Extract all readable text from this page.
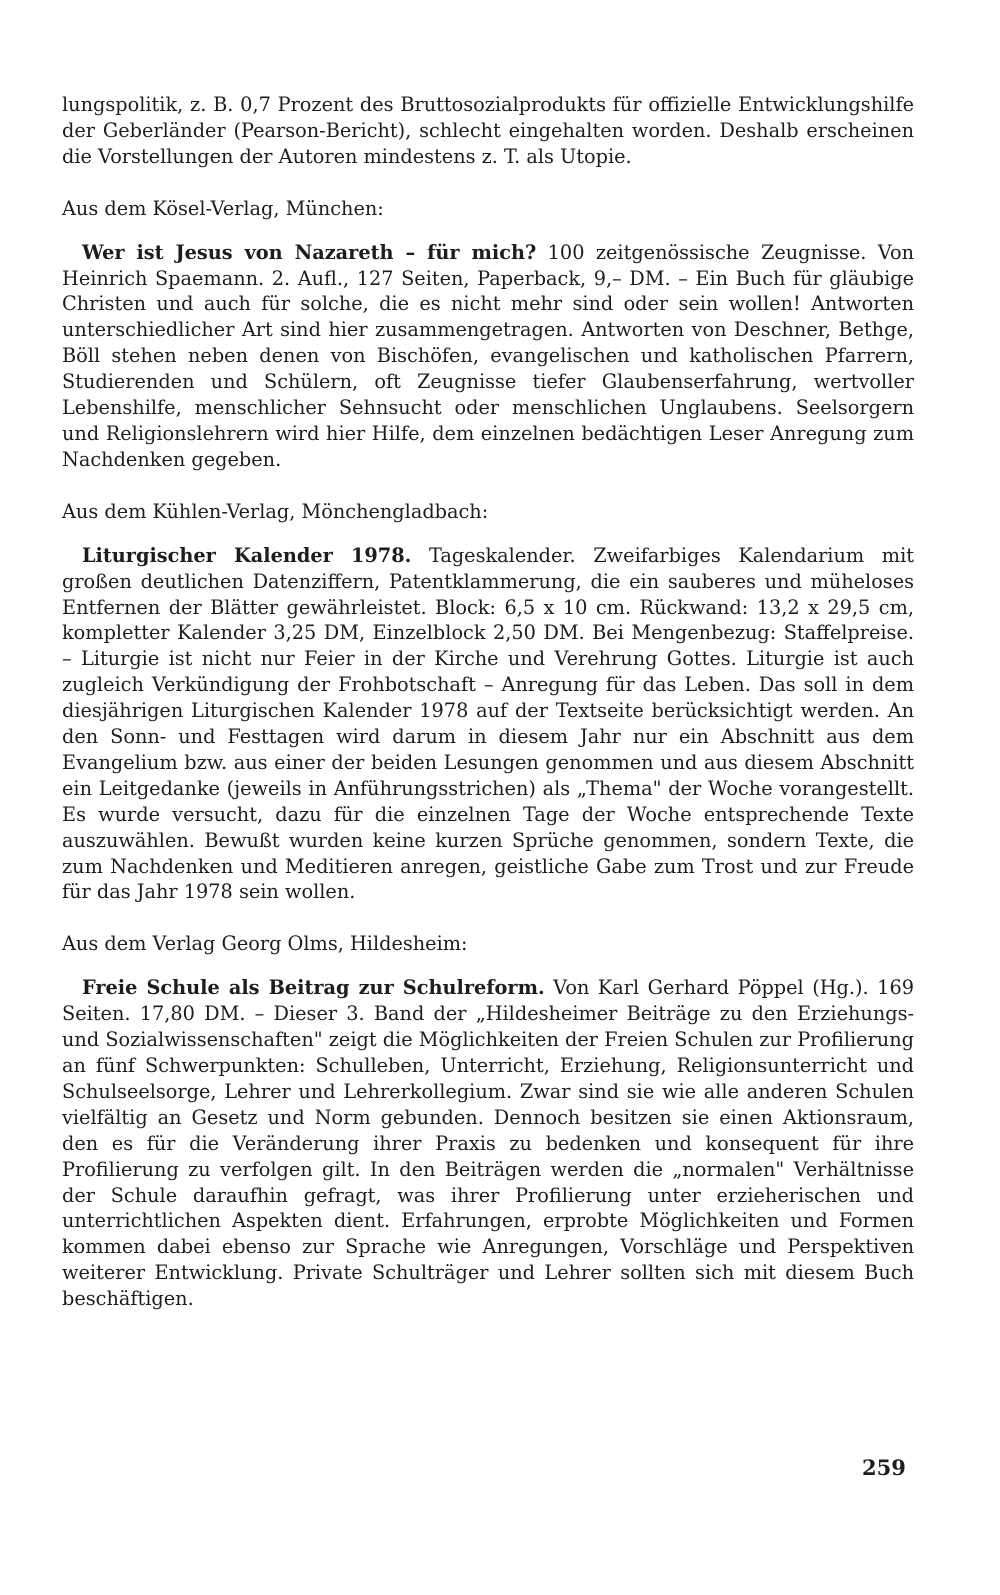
lungspolitik, z. B. 0,7 Prozent des Bruttosozialprodukts für offizielle Entwicklungshilfe der Geberländer (Pearson-Bericht), schlecht eingehalten worden. Deshalb erscheinen die Vorstellungen der Autoren mindestens z. T. als Utopie.

Aus dem Kösel-Verlag, München:

Wer ist Jesus von Nazareth – für mich? 100 zeitgenössische Zeugnisse. Von Heinrich Spaemann. 2. Aufl., 127 Seiten, Paperback, 9,– DM. – Ein Buch für gläubige Christen und auch für solche, die es nicht mehr sind oder sein wollen! Antworten unterschiedlicher Art sind hier zusammengetragen. Antworten von Deschner, Bethge, Böll stehen neben denen von Bischöfen, evangelischen und katholischen Pfarrern, Studierenden und Schülern, oft Zeugnisse tiefer Glaubenserfahrung, wertvoller Lebenshilfe, menschlicher Sehnsucht oder menschlichen Unglaubens. Seelsorgern und Religionslehrern wird hier Hilfe, dem einzelnen bedächtigen Leser Anregung zum Nachdenken gegeben.

Aus dem Kühlen-Verlag, Mönchengladbach:

Liturgischer Kalender 1978. Tageskalender. Zweifarbiges Kalendarium mit großen deutlichen Datenziffern, Patentklammerung, die ein sauberes und müheloses Entfernen der Blätter gewährleistet. Block: 6,5 x 10 cm. Rückwand: 13,2 x 29,5 cm, kompletter Kalender 3,25 DM, Einzelblock 2,50 DM. Bei Mengenbezug: Staffelpreise. – Liturgie ist nicht nur Feier in der Kirche und Verehrung Gottes. Liturgie ist auch zugleich Verkündigung der Frohbotschaft – Anregung für das Leben. Das soll in dem diesjährigen Liturgischen Kalender 1978 auf der Textseite berücksichtigt werden. An den Sonn- und Festtagen wird darum in diesem Jahr nur ein Abschnitt aus dem Evangelium bzw. aus einer der beiden Lesungen genommen und aus diesem Abschnitt ein Leitgedanke (jeweils in Anführungsstrichen) als „Thema" der Woche vorangestellt. Es wurde versucht, dazu für die einzelnen Tage der Woche entsprechende Texte auszuwählen. Bewußt wurden keine kurzen Sprüche genommen, sondern Texte, die zum Nachdenken und Meditieren anregen, geistliche Gabe zum Trost und zur Freude für das Jahr 1978 sein wollen.

Aus dem Verlag Georg Olms, Hildesheim:

Freie Schule als Beitrag zur Schulreform. Von Karl Gerhard Pöppel (Hg.). 169 Seiten. 17,80 DM. – Dieser 3. Band der „Hildesheimer Beiträge zu den Erziehungs- und Sozialwissenschaften" zeigt die Möglichkeiten der Freien Schulen zur Profilierung an fünf Schwerpunkten: Schulleben, Unterricht, Erziehung, Religionsunterricht und Schulseelsorge, Lehrer und Lehrerkollegium. Zwar sind sie wie alle anderen Schulen vielfältig an Gesetz und Norm gebunden. Dennoch besitzen sie einen Aktionsraum, den es für die Veränderung ihrer Praxis zu bedenken und konsequent für ihre Profilierung zu verfolgen gilt. In den Beiträgen werden die „normalen" Verhältnisse der Schule daraufhin gefragt, was ihrer Profilierung unter erzieherischen und unterrichtlichen Aspekten dient. Erfahrungen, erprobte Möglichkeiten und Formen kommen dabei ebenso zur Sprache wie Anregungen, Vorschläge und Perspektiven weiterer Entwicklung. Private Schulträger und Lehrer sollten sich mit diesem Buch beschäftigen.

259
